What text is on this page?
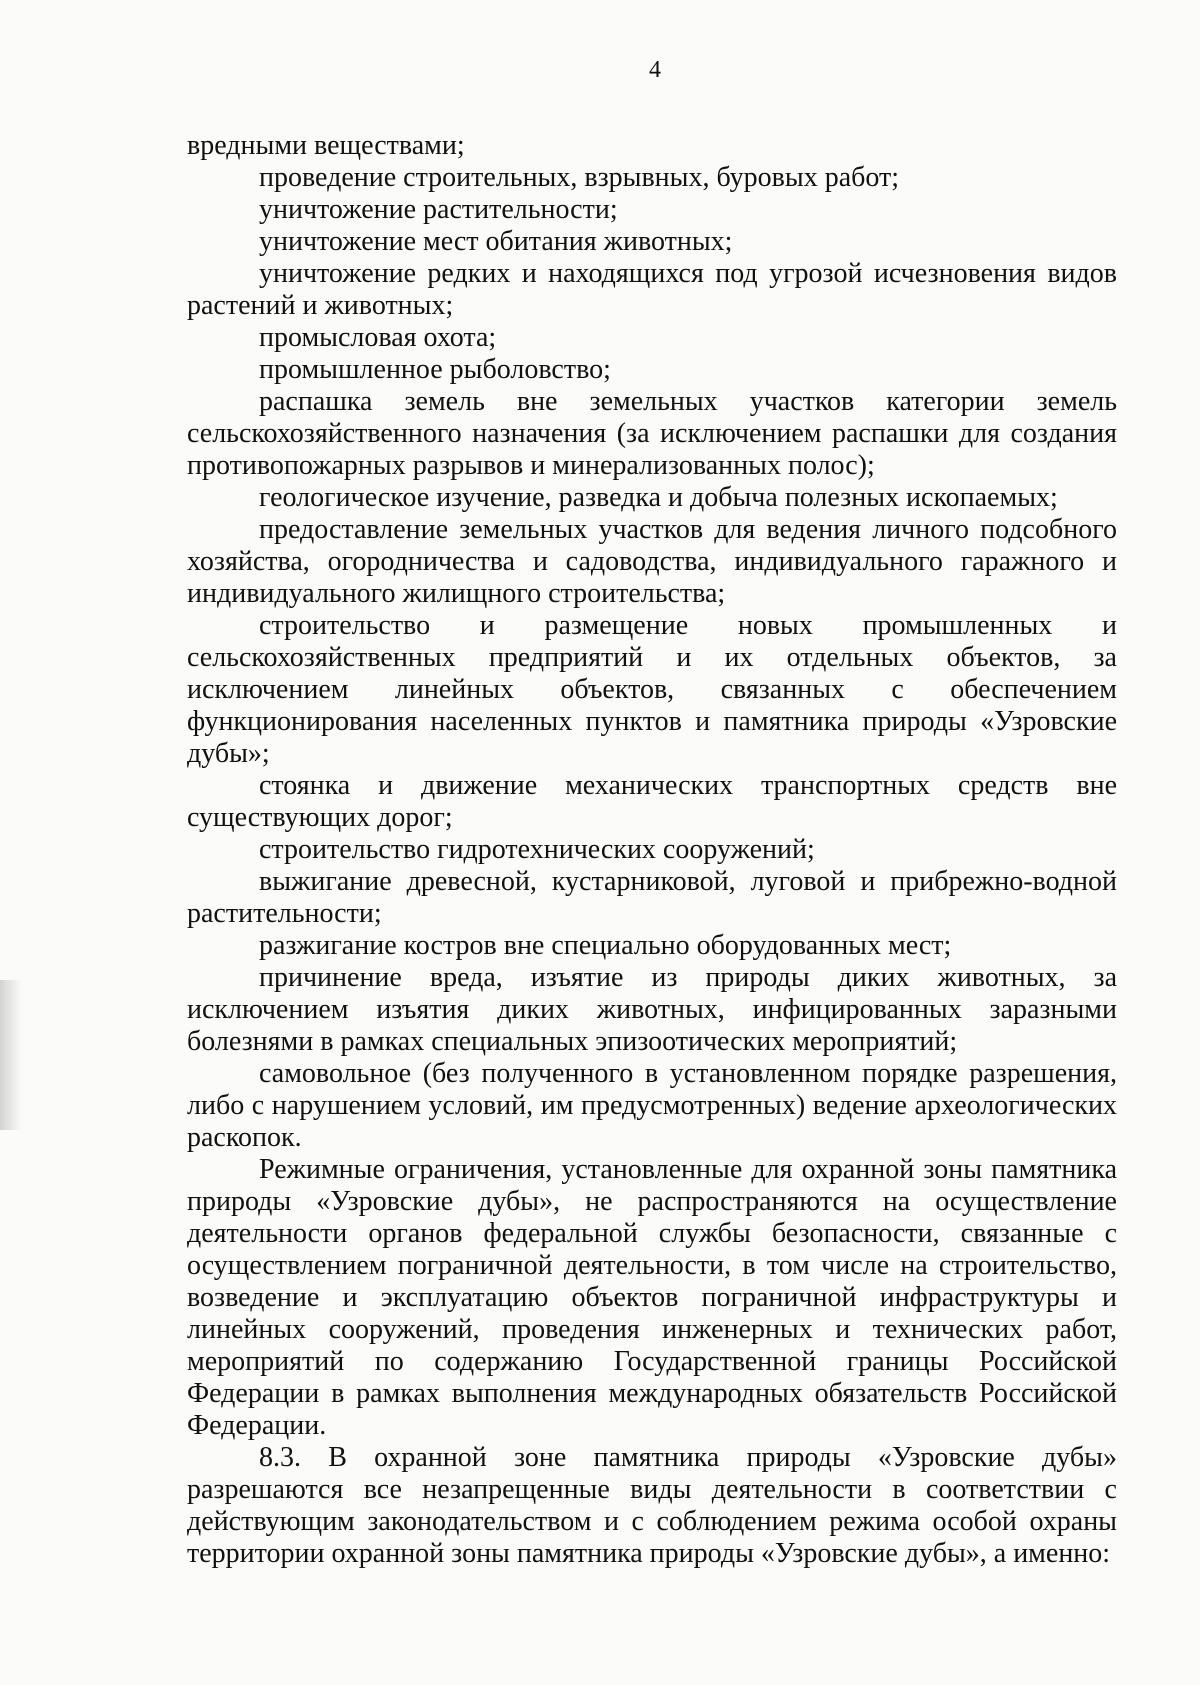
4

вредными веществами;

проведение строительных, взрывных, буровых работ;

уничтожение растительности;

уничтожение мест обитания животных;

уничтожение редких и находящихся под угрозой исчезновения видов растений и животных;

промысловая охота;

промышленное рыболовство;

распашка земель вне земельных участков категории земель сельскохозяйственного назначения (за исключением распашки для создания противопожарных разрывов и минерализованных полос);

геологическое изучение, разведка и добыча полезных ископаемых;

предоставление земельных участков для ведения личного подсобного хозяйства, огородничества и садоводства, индивидуального гаражного и индивидуального жилищного строительства;

строительство и размещение новых промышленных и сельскохозяйственных предприятий и их отдельных объектов, за исключением линейных объектов, связанных с обеспечением функционирования населенных пунктов и памятника природы «Узровские дубы»;

стоянка и движение механических транспортных средств вне существующих дорог;

строительство гидротехнических сооружений;

выжигание древесной, кустарниковой, луговой и прибрежно-водной растительности;

разжигание костров вне специально оборудованных мест;

причинение вреда, изъятие из природы диких животных, за исключением изъятия диких животных, инфицированных заразными болезнями в рамках специальных эпизоотических мероприятий;

самовольное (без полученного в установленном порядке разрешения, либо с нарушением условий, им предусмотренных) ведение археологических раскопок.

Режимные ограничения, установленные для охранной зоны памятника природы «Узровские дубы», не распространяются на осуществление деятельности органов федеральной службы безопасности, связанные с осуществлением пограничной деятельности, в том числе на строительство, возведение и эксплуатацию объектов пограничной инфраструктуры и линейных сооружений, проведения инженерных и технических работ, мероприятий по содержанию Государственной границы Российской Федерации в рамках выполнения международных обязательств Российской Федерации.

8.3. В охранной зоне памятника природы «Узровские дубы» разрешаются все незапрещенные виды деятельности в соответствии с действующим законодательством и с соблюдением режима особой охраны территории охранной зоны памятника природы «Узровские дубы», а именно:
